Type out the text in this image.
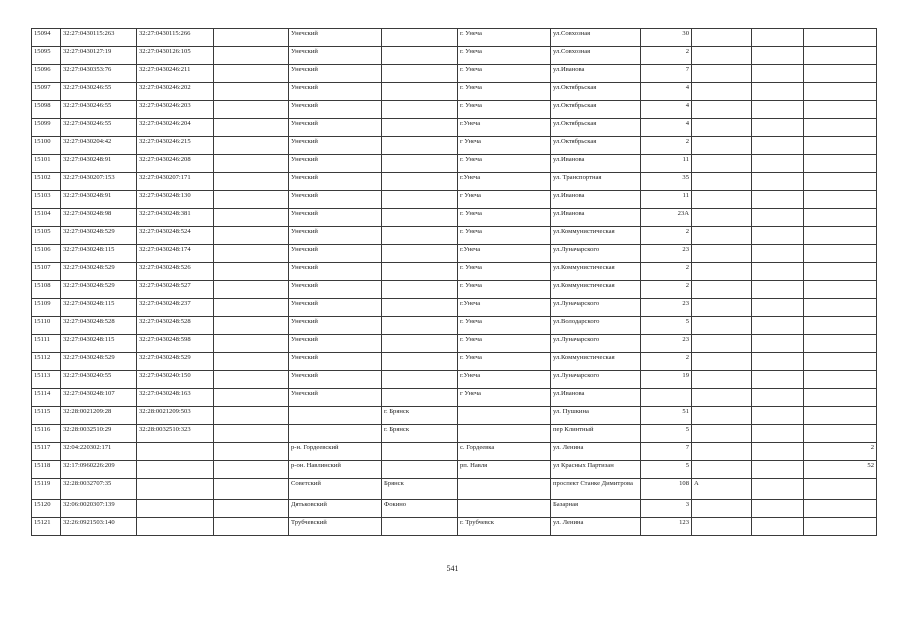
15094	32:27:0430115:263	32:27:0430115:266		Унечский		г. Унеча	ул.Совхозная	30			
15095	32:27:0430127:19	32:27:0430126:105		Унечский		г. Унеча	ул.Совхозная	2			
15096	32:27:0430353:76	32:27:0430246:211		Унечский		г. Унеча	ул.Иванова	7			
15097	32:27:0430246:55	32:27:0430246:202		Унечский		г. Унеча	ул.Октябрьская	4			
15098	32:27:0430246:55	32:27:0430246:203		Унечский		г. Унеча	ул.Октябрьская	4			
15099	32:27:0430246:55	32:27:0430246:204		Унечский		г.Унеча	ул.Октябрьская	4			
15100	32:27:0430204:42	32:27:0430246:215		Унечский		г Унеча	ул.Октябрьская	2			
15101	32:27:0430248:91	32:27:0430246:208		Унечский		г. Унеча	ул.Иванова	11			
15102	32:27:0430207:153	32:27:0430207:171		Унечский		г.Унеча	ул. Транспортная	35			
15103	32:27:0430248:91	32:27:0430248:130		Унечский		г Унеча	ул.Иванова	11			
15104	32:27:0430248:98	32:27:0430248:381		Унечский		г. Унеча	ул.Иванова	23А			
15105	32:27:0430248:529	32:27:0430248:524		Унечский		г. Унеча	ул.Коммунистическая	2			
15106	32:27:0430248:115	32:27:0430248:174		Унечский		г.Унеча	ул.Луначарского	23			
15107	32:27:0430248:529	32:27:0430248:526		Унечский		г. Унеча	ул.Коммунистическая	2			
15108	32:27:0430248:529	32:27:0430248:527		Унечский		г. Унеча	ул.Коммунистическая	2			
15109	32:27:0430248:115	32:27:0430248:237		Унечский		г.Унеча	ул.Луначарского	23			
15110	32:27:0430248:528	32:27:0430248:528		Унечский		г. Унеча	ул.Володарского	5			
15111	32:27:0430248:115	32:27:0430248:598		Унечский		г. Унеча	ул.Луначарского	23			
15112	32:27:0430248:529	32:27:0430248:529		Унечский		г. Унеча	ул.Коммунистическая	2			
15113	32:27:0430240:55	32:27:0430240:150		Унечский		г.Унеча	ул.Луначарского	19			
15114	32:27:0430248:107	32:27:0430248:163		Унечский		г Унеча	ул.Иванова				
15115	32:28:0021209:28	32:28:0021209:503			г. Брянск		ул. Пушкина	51			
15116	32:28:0032510:29	32:28:0032510:323			г. Брянск		пер Клинтный	5			
15117	32:04:220302:171			р-н. Гордеевский		с. Гордеевка	ул. Ленина	7			2
15118	32:17:0960226:209			р-он. Навлинский		рп. Навля	ул Красных Партизан	5			52
15119	32:28:0032707:35			Советский	Брянск		проспект Станке Димитрова	108	А		
15120	32:06:0020307:139			Дятьковский	Фокино		Базарная	3			
15121	32:26:0921503:140			Трубчевский		г. Трубчевск	ул. Ленина	123			
541
